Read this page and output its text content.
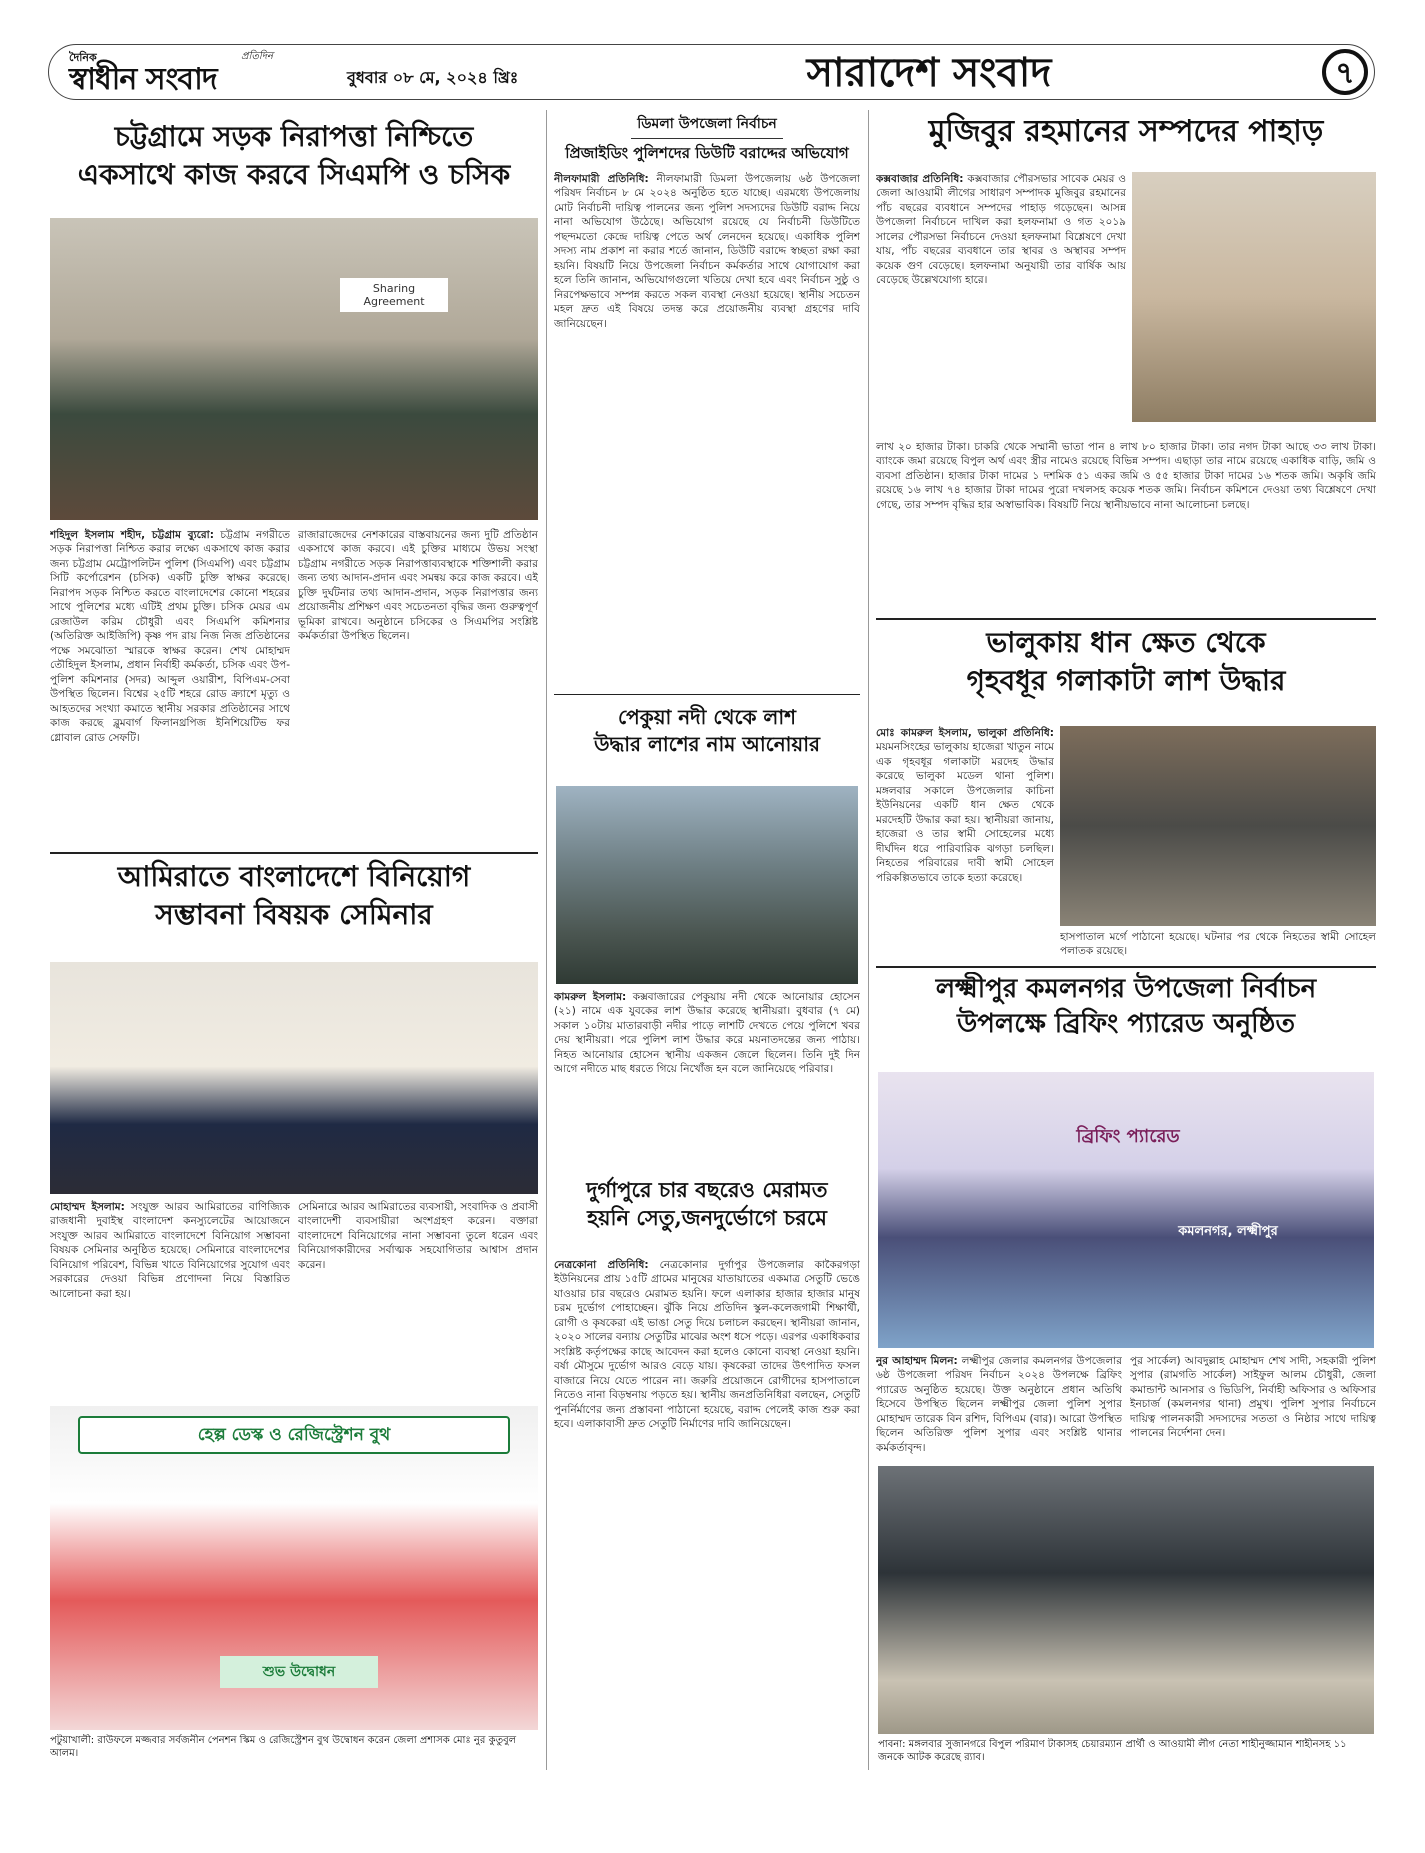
দৈনিক
স্বাধীন সংবাদ
প্রতিদিন
বুধবার ০৮ মে, ২০২৪ খ্রিঃ	সারাদেশ সংবাদ	৭
চট্টগ্রামে সড়ক নিরাপত্তা নিশ্চিতে
একসাথে কাজ করবে সিএমপি ও চসিক
Sharing Agreement
শহিদুল ইসলাম শহীদ, চট্টগ্রাম ব্যুরো: চট্টগ্রাম নগরীতে সড়ক নিরাপত্তা নিশ্চিত করার লক্ষ্যে একসাথে কাজ করার জন্য চট্টগ্রাম মেট্রোপলিটন পুলিশ (সিএমপি) এবং চট্টগ্রাম সিটি কর্পোরেশন (চসিক) একটি চুক্তি স্বাক্ষর করেছে। নিরাপদ সড়ক নিশ্চিত করতে বাংলাদেশের কোনো শহরের সাথে পুলিশের মধ্যে এটিই প্রথম চুক্তি। চসিক মেয়র এম রেজাউল করিম চৌধুরী এবং সিএমপি কমিশনার (অতিরিক্ত আইজিপি) কৃষ্ণ পদ রায় নিজ নিজ প্রতিষ্ঠানের পক্ষে সমঝোতা স্মারকে স্বাক্ষর করেন। শেখ মোহাম্মদ তৌহিদুল ইসলাম, প্রধান নির্বাহী কর্মকর্তা, চসিক এবং উপ-পুলিশ কমিশনার (সদর) আব্দুল ওয়ারীশ, বিপিএম-সেবা উপস্থিত ছিলেন। বিশ্বের ২৫টি শহরে রোড ক্র্যাশে মৃত্যু ও আহতদের সংখ্যা কমাতে স্থানীয় সরকার প্রতিষ্ঠানের সাথে কাজ করছে ব্লুমবার্গ ফিলানথ্রপিজ ইনিশিয়েটিভ ফর গ্লোবাল রোড সেফটি।
রাজারাজেদের নেশকারের বাস্তবায়নের জন্য দুটি প্রতিষ্ঠান একসাথে কাজ করবে। এই চুক্তির মাধ্যমে উভয় সংস্থা চট্টগ্রাম নগরীতে সড়ক নিরাপত্তাব্যবস্থাকে শক্তিশালী করার জন্য তথ্য আদান-প্রদান এবং সমন্বয় করে কাজ করবে। এই চুক্তি দুর্ঘটনার তথ্য আদান-প্রদান, সড়ক নিরাপত্তার জন্য প্রয়োজনীয় প্রশিক্ষণ এবং সচেতনতা বৃদ্ধির জন্য গুরুত্বপূর্ণ ভূমিকা রাখবে। অনুষ্ঠানে চসিকের ও সিএমপির সংশ্লিষ্ট কর্মকর্তারা উপস্থিত ছিলেন।
আমিরাতে বাংলাদেশে বিনিয়োগ
সম্ভাবনা বিষয়ক সেমিনার
মোহাম্মদ ইসলাম: সংযুক্ত আরব আমিরাতের বাণিজ্যিক রাজধানী দুবাইস্থ বাংলাদেশ কনস্যুলেটের আয়োজনে সংযুক্ত আরব আমিরাতে বাংলাদেশে বিনিয়োগ সম্ভাবনা বিষয়ক সেমিনার অনুষ্ঠিত হয়েছে। সেমিনারে বাংলাদেশের বিনিয়োগ পরিবেশ, বিভিন্ন খাতে বিনিয়োগের সুযোগ এবং সরকারের দেওয়া বিভিন্ন প্রণোদনা নিয়ে বিস্তারিত আলোচনা করা হয়।
সেমিনারে আরব আমিরাতের ব্যবসায়ী, সংবাদিক ও প্রবাসী বাংলাদেশী ব্যবসায়ীরা অংশগ্রহণ করেন। বক্তারা বাংলাদেশে বিনিয়োগের নানা সম্ভাবনা তুলে ধরেন এবং বিনিয়োগকারীদের সর্বাত্মক সহযোগিতার আশ্বাস প্রদান করেন।
হেল্প ডেস্ক ও রেজিস্ট্রেশন বুথ
শুভ উদ্বোধন
পটুয়াখালী: রাউফলে মজ্জবার সর্বজনীন পেনশন স্কিম ও রেজিস্ট্রেশন বুথ উদ্বোধন করেন জেলা প্রশাসক মোঃ নুর কুতুবুল আলম।
ডিমলা উপজেলা নির্বাচন
প্রিজাইডিং পুলিশদের ডিউটি বরাদ্দের অভিযোগ
নীলফামারী প্রতিনিধি: নীলফামারী ডিমলা উপজেলায় ৬ষ্ঠ উপজেলা পরিষদ নির্বাচন ৮ মে ২০২৪ অনুষ্ঠিত হতে যাচ্ছে। এরমধ্যে উপজেলায় মোট নির্বাচনী দায়িত্ব পালনের জন্য পুলিশ সদস্যদের ডিউটি বরাদ্দ নিয়ে নানা অভিযোগ উঠেছে। অভিযোগ রয়েছে যে নির্বাচনী ডিউটিতে পছন্দমতো কেন্দ্রে দায়িত্ব পেতে অর্থ লেনদেন হয়েছে। একাধিক পুলিশ সদস্য নাম প্রকাশ না করার শর্তে জানান, ডিউটি বরাদ্দে স্বচ্ছতা রক্ষা করা হয়নি। বিষয়টি নিয়ে উপজেলা নির্বাচন কর্মকর্তার সাথে যোগাযোগ করা হলে তিনি জানান, অভিযোগগুলো খতিয়ে দেখা হবে এবং নির্বাচন সুষ্ঠু ও নিরপেক্ষভাবে সম্পন্ন করতে সকল ব্যবস্থা নেওয়া হয়েছে। স্থানীয় সচেতন মহল দ্রুত এই বিষয়ে তদন্ত করে প্রয়োজনীয় ব্যবস্থা গ্রহণের দাবি জানিয়েছেন।
পেকুয়া নদী থেকে লাশ
উদ্ধার লাশের নাম আনোয়ার
কামরুল ইসলাম: কক্সবাজারের পেকুয়ায় নদী থেকে আনোয়ার হোসেন (২১) নামে এক যুবকের লাশ উদ্ধার করেছে স্থানীয়রা। বুধবার (৭ মে) সকাল ১০টায় মাতারবাড়ী নদীর পাড়ে লাশটি দেখতে পেয়ে পুলিশে খবর দেয় স্থানীয়রা। পরে পুলিশ লাশ উদ্ধার করে ময়নাতদন্তের জন্য পাঠায়। নিহত আনোয়ার হোসেন স্থানীয় একজন জেলে ছিলেন। তিনি দুই দিন আগে নদীতে মাছ ধরতে গিয়ে নিখোঁজ হন বলে জানিয়েছে পরিবার।
দুর্গাপুরে চার বছরেও মেরামত
হয়নি সেতু,জনদুর্ভোগে চরমে
নেত্রকোনা প্রতিনিধি: নেত্রকোনার দুর্গাপুর উপজেলার কাকৈরগড়া ইউনিয়নের প্রায় ১৫টি গ্রামের মানুষের যাতায়াতের একমাত্র সেতুটি ভেঙে যাওয়ার চার বছরেও মেরামত হয়নি। ফলে এলাকার হাজার হাজার মানুষ চরম দুর্ভোগ পোহাচ্ছেন। ঝুঁকি নিয়ে প্রতিদিন স্কুল-কলেজগামী শিক্ষার্থী, রোগী ও কৃষকেরা এই ভাঙা সেতু দিয়ে চলাচল করছেন। স্থানীয়রা জানান, ২০২০ সালের বন্যায় সেতুটির মাঝের অংশ ধসে পড়ে। এরপর একাধিকবার সংশ্লিষ্ট কর্তৃপক্ষের কাছে আবেদন করা হলেও কোনো ব্যবস্থা নেওয়া হয়নি। বর্ষা মৌসুমে দুর্ভোগ আরও বেড়ে যায়। কৃষকেরা তাদের উৎপাদিত ফসল বাজারে নিয়ে যেতে পারেন না। জরুরি প্রয়োজনে রোগীদের হাসপাতালে নিতেও নানা বিড়ম্বনায় পড়তে হয়। স্থানীয় জনপ্রতিনিধিরা বলছেন, সেতুটি পুনর্নির্মাণের জন্য প্রস্তাবনা পাঠানো হয়েছে, বরাদ্দ পেলেই কাজ শুরু করা হবে। এলাকাবাসী দ্রুত সেতুটি নির্মাণের দাবি জানিয়েছেন।
মুজিবুর রহমানের সম্পদের পাহাড়
কক্সবাজার প্রতিনিধি: কক্সবাজার পৌরসভার সাবেক মেয়র ও জেলা আওয়ামী লীগের সাধারণ সম্পাদক মুজিবুর রহমানের পাঁচ বছরের ব্যবধানে সম্পদের পাহাড় গড়েছেন। আসন্ন উপজেলা নির্বাচনে দাখিল করা হলফনামা ও গত ২০১৯ সালের পৌরসভা নির্বাচনে দেওয়া হলফনামা বিশ্লেষণে দেখা যায়, পাঁচ বছরের ব্যবধানে তার স্থাবর ও অস্থাবর সম্পদ কয়েক গুণ বেড়েছে। হলফনামা অনুযায়ী তার বার্ষিক আয় বেড়েছে উল্লেখযোগ্য হারে।
লাখ ২০ হাজার টাকা। চাকরি থেকে সম্মানী ভাতা পান ৪ লাখ ৮০ হাজার টাকা। তার নগদ টাকা আছে ৩৩ লাখ টাকা। ব্যাংকে জমা রয়েছে বিপুল অর্থ এবং স্ত্রীর নামেও রয়েছে বিভিন্ন সম্পদ। এছাড়া তার নামে রয়েছে একাধিক বাড়ি, জমি ও ব্যবসা প্রতিষ্ঠান। হাজার টাকা দামের ১ দশমিক ৫১ একর জমি ও ৫৫ হাজার টাকা দামের ১৬ শতক জমি। অকৃষি জমি রয়েছে ১৬ লাখ ৭৪ হাজার টাকা দামের পুরো দখলসহ কয়েক শতক জমি। নির্বাচন কমিশনে দেওয়া তথ্য বিশ্লেষণে দেখা গেছে, তার সম্পদ বৃদ্ধির হার অস্বাভাবিক। বিষয়টি নিয়ে স্থানীয়ভাবে নানা আলোচনা চলছে।
ভালুকায় ধান ক্ষেত থেকে
গৃহবধূর গলাকাটা লাশ উদ্ধার
মোঃ কামরুল ইসলাম, ভালুকা প্রতিনিধি: ময়মনসিংহের ভালুকায় হাজেরা খাতুন নামে এক গৃহবধূর গলাকাটা মরদেহ উদ্ধার করেছে ভালুকা মডেল থানা পুলিশ। মঙ্গলবার সকালে উপজেলার কাচিনা ইউনিয়নের একটি ধান ক্ষেত থেকে মরদেহটি উদ্ধার করা হয়। স্থানীয়রা জানায়, হাজেরা ও তার স্বামী সোহেলের মধ্যে দীর্ঘদিন ধরে পারিবারিক ঝগড়া চলছিল। নিহতের পরিবারের দাবী স্বামী সোহেল পরিকল্পিতভাবে তাকে হত্যা করেছে।
হাসপাতাল মর্গে পাঠানো হয়েছে। ঘটনার পর থেকে নিহতের স্বামী সোহেল পলাতক রয়েছে।
লক্ষ্মীপুর কমলনগর উপজেলা নির্বাচন
উপলক্ষে ব্রিফিং প্যারেড অনুষ্ঠিত
ব্রিফিং প্যারেড
কমলনগর, লক্ষ্মীপুর
নুর আহাম্মদ মিলন: লক্ষ্মীপুর জেলার কমলনগর উপজেলার ৬ষ্ঠ উপজেলা পরিষদ নির্বাচন ২০২৪ উপলক্ষে ব্রিফিং প্যারেড অনুষ্ঠিত হয়েছে। উক্ত অনুষ্ঠানে প্রধান অতিথি হিসেবে উপস্থিত ছিলেন লক্ষ্মীপুর জেলা পুলিশ সুপার মোহাম্মদ তারেক বিন রশিদ, বিপিএম (বার)। আরো উপস্থিত ছিলেন অতিরিক্ত পুলিশ সুপার এবং সংশ্লিষ্ট থানার কর্মকর্তাবৃন্দ।
পুর সার্কেল) আবদুল্লাহ মোহাম্মদ শেখ সাদী, সহকারী পুলিশ সুপার (রামগতি সার্কেল) সাইফুল আলম চৌধুরী, জেলা কমান্ডান্ট আনসার ও ভিডিপি, নির্বাহী অফিসার ও অফিসার ইনচার্জ (কমলনগর থানা) প্রমুখ। পুলিশ সুপার নির্বাচনে দায়িত্ব পালনকারী সদস্যদের সততা ও নিষ্ঠার সাথে দায়িত্ব পালনের নির্দেশনা দেন।
পাবনা: মঙ্গলবার সুজানগরে বিপুল পরিমাণ টাকাসহ চেয়ারম্যান প্রার্থী ও আওয়ামী লীগ নেতা শাহীনুজ্জামান শাহীনসহ ১১ জনকে আটক করেছে র‍্যাব।
